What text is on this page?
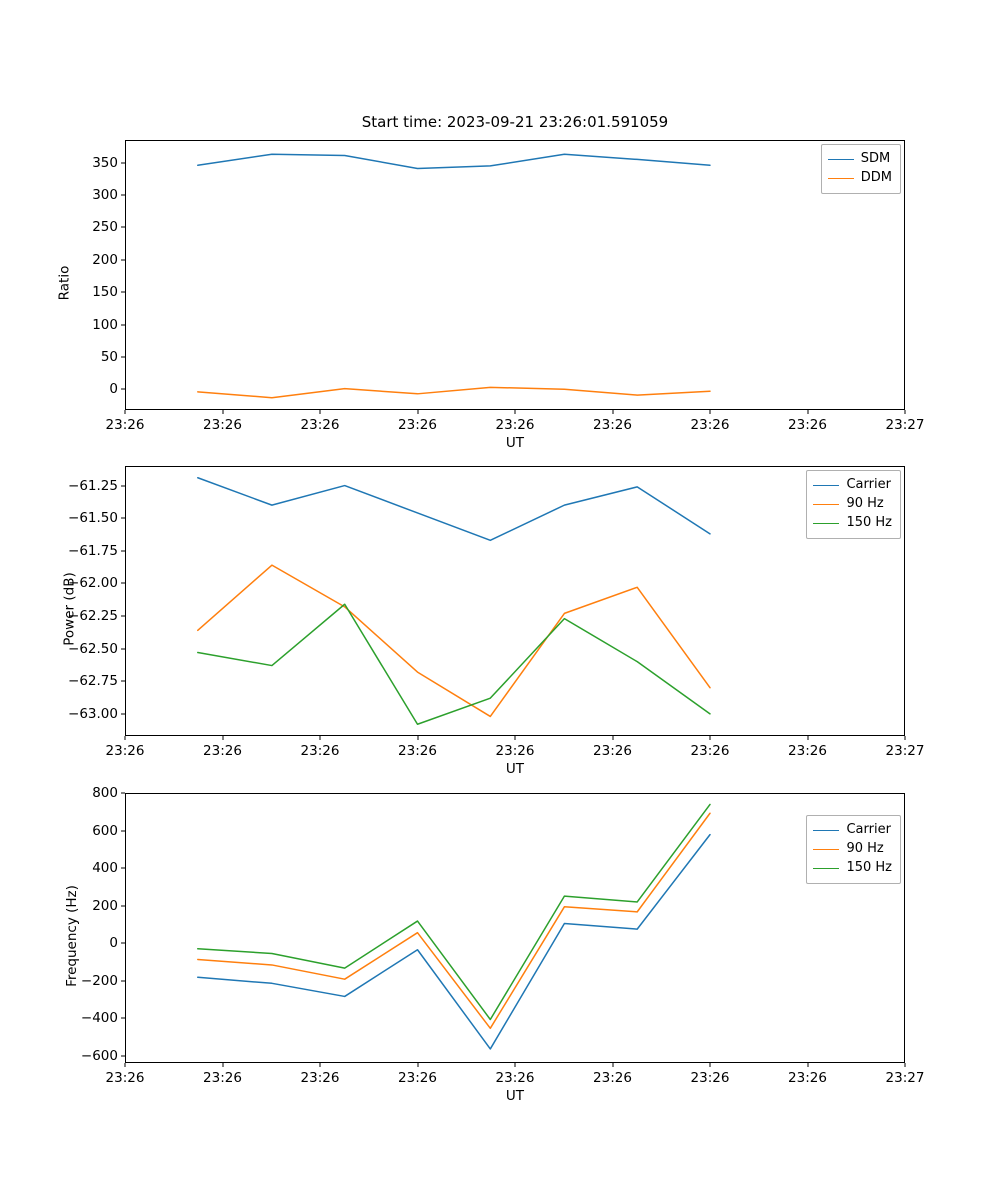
Start time: 2023-09-21 23:26:01.591059
Ratio
UT
SDM
DDM
0
50
100
150
200
250
300
350
23:26	23:26	23:26	23:26	23:26	23:26	23:26	23:26	23:27
Power (dB)
UT
Carrier
90 Hz
150 Hz
−63.00
−62.75
−62.50
−62.25
−62.00
−61.75
−61.50
−61.25
23:26	23:26	23:26	23:26	23:26	23:26	23:26	23:26	23:27
Frequency (Hz)
UT
Carrier
90 Hz
150 Hz
−600
−400
−200
0
200
400
600
800
23:26	23:26	23:26	23:26	23:26	23:26	23:26	23:26	23:27
